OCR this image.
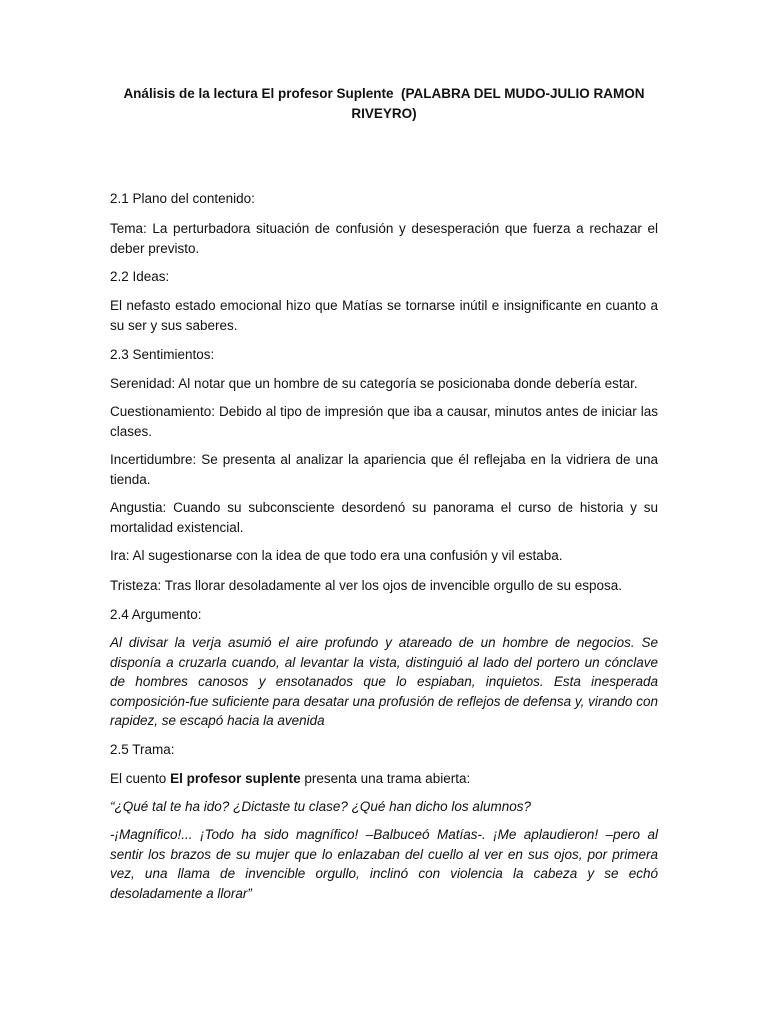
Análisis de la lectura El profesor Suplente (PALABRA DEL MUDO-JULIO RAMON RIVEYRO)

2.1 Plano del contenido:

Tema: La perturbadora situación de confusión y desesperación que fuerza a rechazar el deber previsto.

2.2 Ideas:

El nefasto estado emocional hizo que Matías se tornarse inútil e insignificante en cuanto a su ser y sus saberes.

2.3 Sentimientos:

Serenidad: Al notar que un hombre de su categoría se posicionaba donde debería estar.

Cuestionamiento: Debido al tipo de impresión que iba a causar, minutos antes de iniciar las clases.

Incertidumbre: Se presenta al analizar la apariencia que él reflejaba en la vidriera de una tienda.

Angustia: Cuando su subconsciente desordenó su panorama el curso de historia y su mortalidad existencial.

Ira: Al sugestionarse con la idea de que todo era una confusión y vil estaba.

Tristeza: Tras llorar desoladamente al ver los ojos de invencible orgullo de su esposa.

2.4 Argumento:

Al divisar la verja asumió el aire profundo y atareado de un hombre de negocios. Se disponía a cruzarla cuando, al levantar la vista, distinguió al lado del portero un cónclave de hombres canosos y ensotanados que lo espiaban, inquietos. Esta inesperada composición-fue suficiente para desatar una profusión de reflejos de defensa y, virando con rapidez, se escapó hacia la avenida

2.5 Trama:

El cuento El profesor suplente presenta una trama abierta:

“¿Qué tal te ha ido? ¿Dictaste tu clase? ¿Qué han dicho los alumnos?

-¡Magnífico!... ¡Todo ha sido magnífico! –Balbuceó Matías-. ¡Me aplaudieron! –pero al sentir los brazos de su mujer que lo enlazaban del cuello al ver en sus ojos, por primera vez, una llama de invencible orgullo, inclinó con violencia la cabeza y se echó desoladamente a llorar”
